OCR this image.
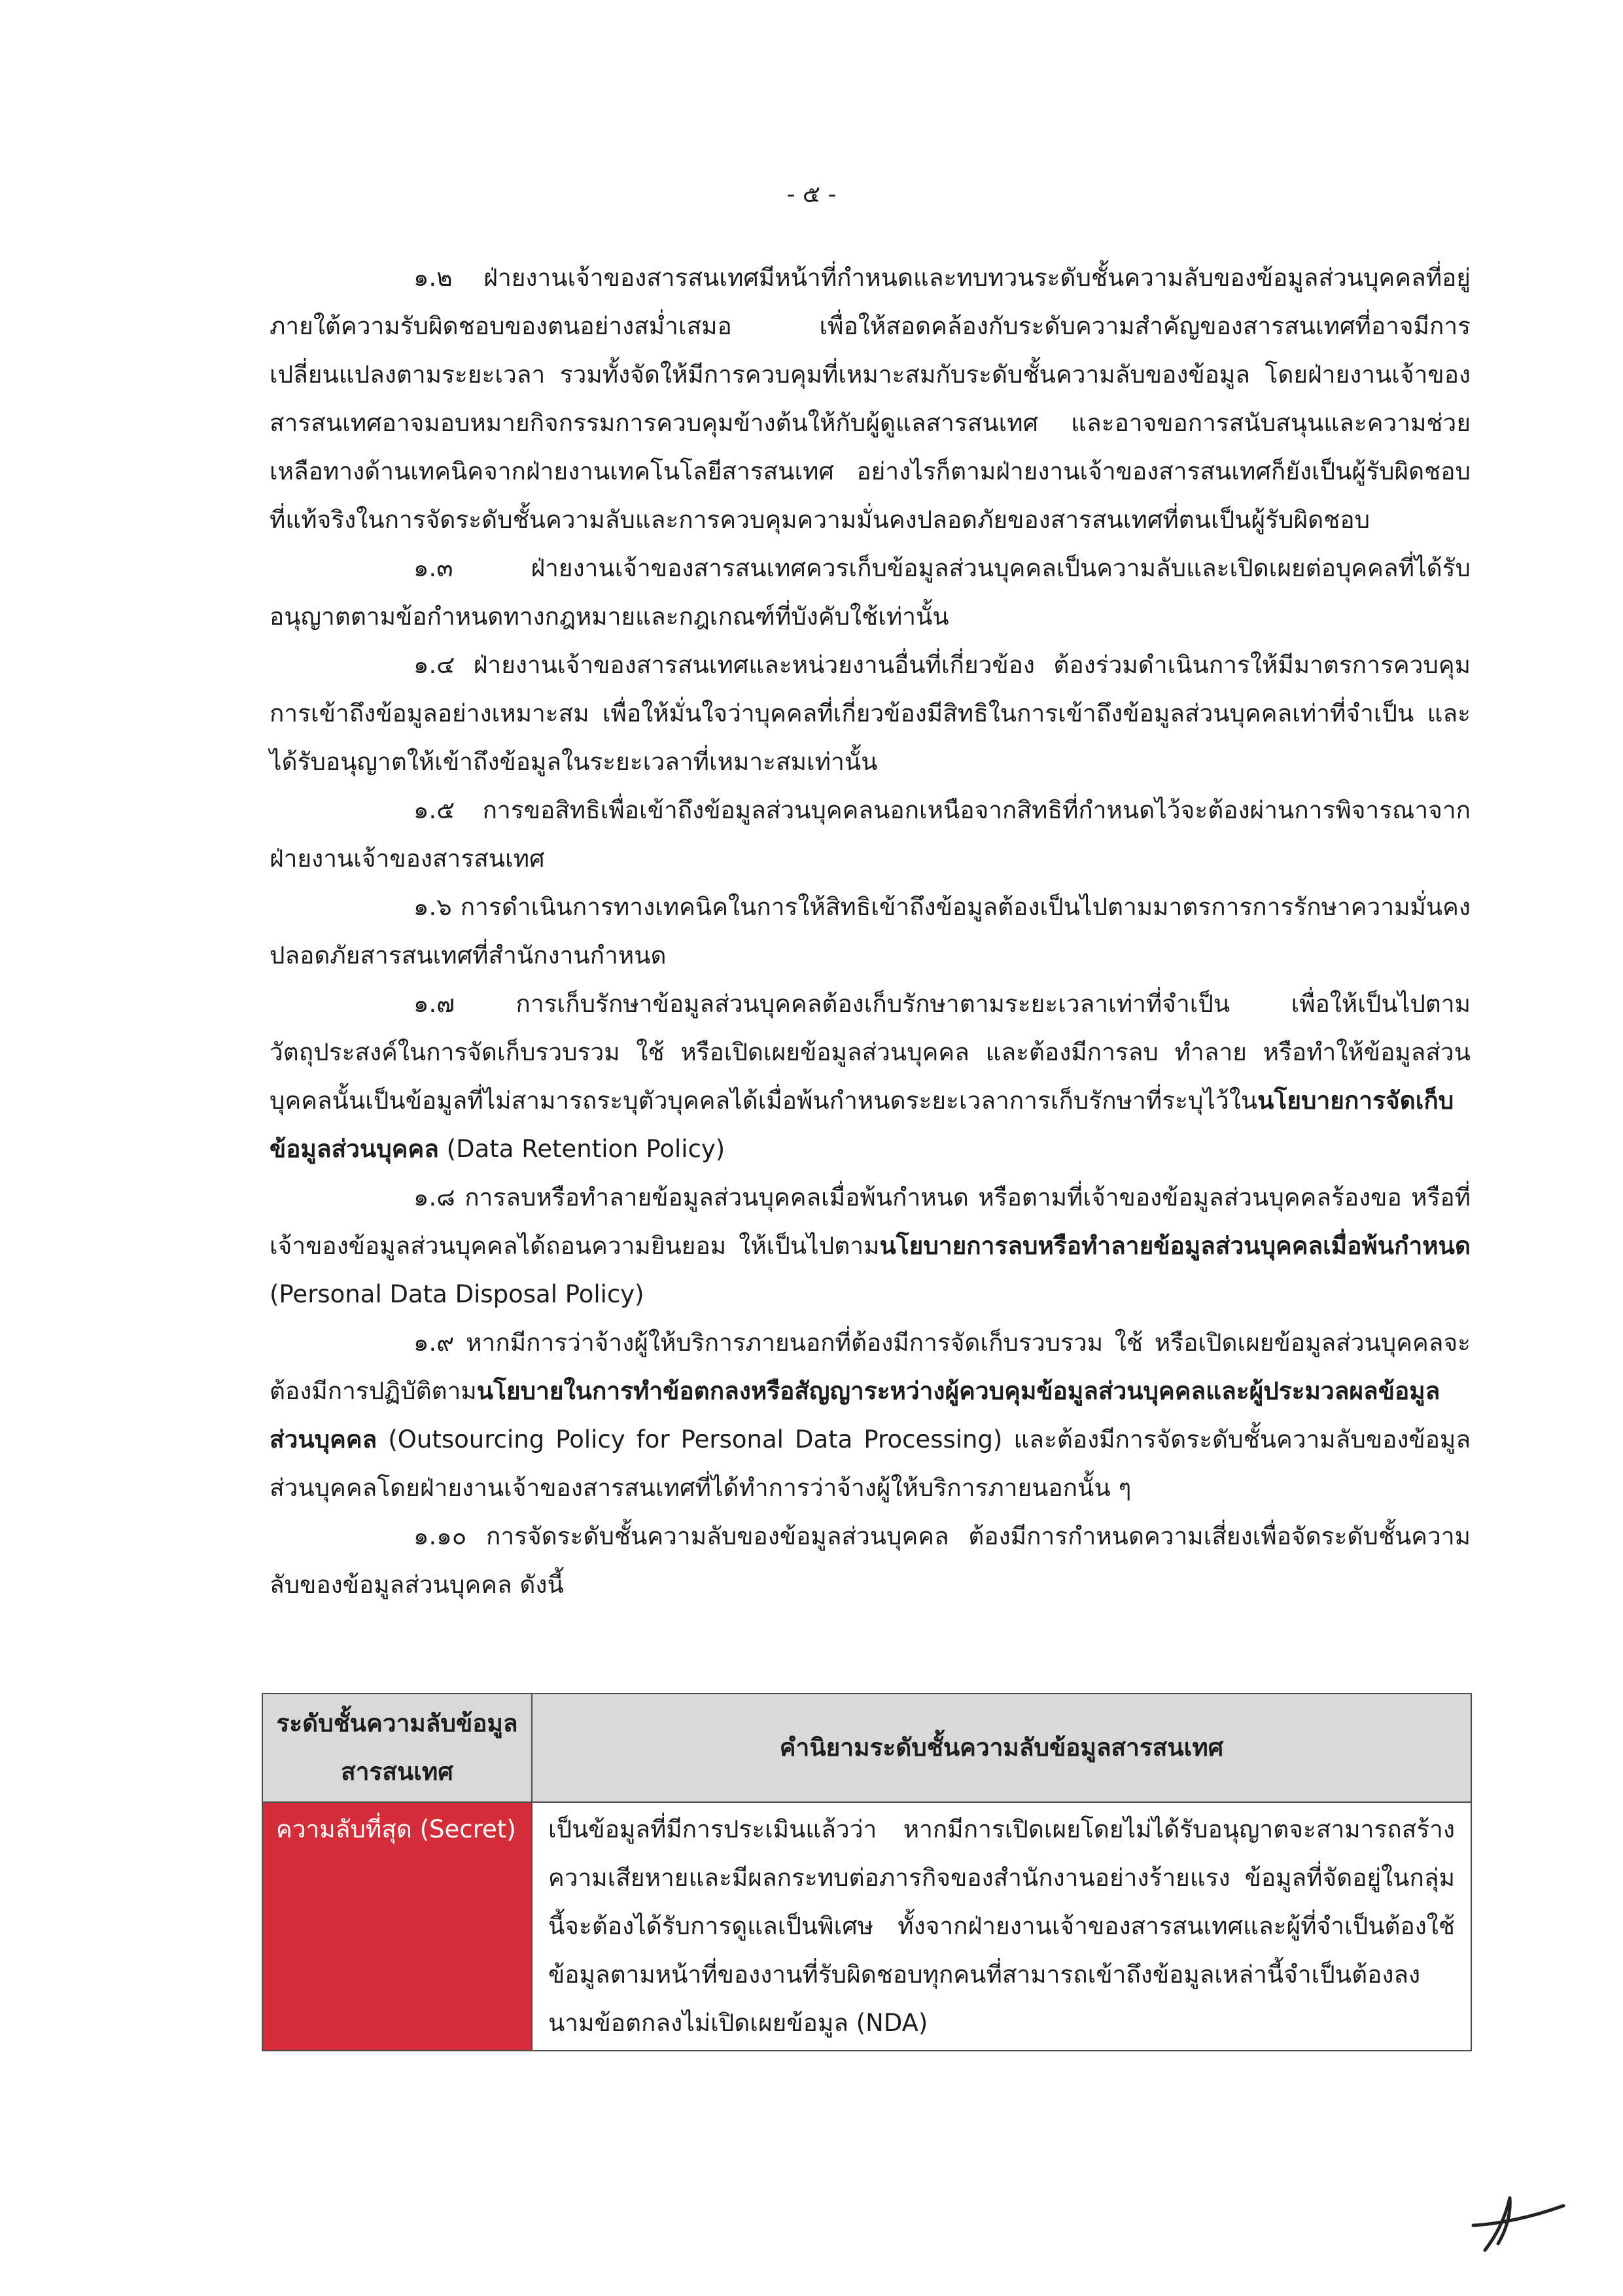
- ๕ -

๑.๒ ฝ่ายงานเจ้าของสารสนเทศมีหน้าที่กำหนดและทบทวนระดับชั้นความลับของข้อมูลส่วนบุคคลที่อยู่ภายใต้ความรับผิดชอบของตนอย่างสม่ำเสมอ เพื่อให้สอดคล้องกับระดับความสำคัญของสารสนเทศที่อาจมีการเปลี่ยนแปลงตามระยะเวลา รวมทั้งจัดให้มีการควบคุมที่เหมาะสมกับระดับชั้นความลับของข้อมูล โดยฝ่ายงานเจ้าของสารสนเทศอาจมอบหมายกิจกรรมการควบคุมข้างต้นให้กับผู้ดูแลสารสนเทศ และอาจขอการสนับสนุนและความช่วยเหลือทางด้านเทคนิคจากฝ่ายงานเทคโนโลยีสารสนเทศ อย่างไรก็ตามฝ่ายงานเจ้าของสารสนเทศก็ยังเป็นผู้รับผิดชอบที่แท้จริงในการจัดระดับชั้นความลับและการควบคุมความมั่นคงปลอดภัยของสารสนเทศที่ตนเป็นผู้รับผิดชอบ

๑.๓	ฝ่ายงานเจ้าของสารสนเทศควรเก็บข้อมูลส่วนบุคคลเป็นความลับและเปิดเผยต่อบุคคลที่ได้รับอนุญาตตามข้อกำหนดทางกฎหมายและกฎเกณฑ์ที่บังคับใช้เท่านั้น

๑.๔ ฝ่ายงานเจ้าของสารสนเทศและหน่วยงานอื่นที่เกี่ยวข้อง ต้องร่วมดำเนินการให้มีมาตรการควบคุมการเข้าถึงข้อมูลอย่างเหมาะสม เพื่อให้มั่นใจว่าบุคคลที่เกี่ยวข้องมีสิทธิในการเข้าถึงข้อมูลส่วนบุคคลเท่าที่จำเป็น และได้รับอนุญาตให้เข้าถึงข้อมูลในระยะเวลาที่เหมาะสมเท่านั้น

๑.๕ การขอสิทธิเพื่อเข้าถึงข้อมูลส่วนบุคคลนอกเหนือจากสิทธิที่กำหนดไว้จะต้องผ่านการพิจารณาจากฝ่ายงานเจ้าของสารสนเทศ

๑.๖ การดำเนินการทางเทคนิคในการให้สิทธิเข้าถึงข้อมูลต้องเป็นไปตามมาตรการการรักษาความมั่นคงปลอดภัยสารสนเทศที่สำนักงานกำหนด

๑.๗	การเก็บรักษาข้อมูลส่วนบุคคลต้องเก็บรักษาตามระยะเวลาเท่าที่จำเป็น เพื่อให้เป็นไปตามวัตถุประสงค์ในการจัดเก็บรวบรวม ใช้ หรือเปิดเผยข้อมูลส่วนบุคคล และต้องมีการลบ ทำลาย หรือทำให้ข้อมูลส่วนบุคคลนั้นเป็นข้อมูลที่ไม่สามารถระบุตัวบุคคลได้เมื่อพ้นกำหนดระยะเวลาการเก็บรักษาที่ระบุไว้ในนโยบายการจัดเก็บข้อมูลส่วนบุคคล (Data Retention Policy)

๑.๘ การลบหรือทำลายข้อมูลส่วนบุคคลเมื่อพ้นกำหนด หรือตามที่เจ้าของข้อมูลส่วนบุคคลร้องขอ หรือที่เจ้าของข้อมูลส่วนบุคคลได้ถอนความยินยอม ให้เป็นไปตามนโยบายการลบหรือทำลายข้อมูลส่วนบุคคลเมื่อพ้นกำหนด (Personal Data Disposal Policy)

๑.๙ หากมีการว่าจ้างผู้ให้บริการภายนอกที่ต้องมีการจัดเก็บรวบรวม ใช้ หรือเปิดเผยข้อมูลส่วนบุคคลจะต้องมีการปฏิบัติตามนโยบายในการทำข้อตกลงหรือสัญญาระหว่างผู้ควบคุมข้อมูลส่วนบุคคลและผู้ประมวลผลข้อมูลส่วนบุคคล (Outsourcing Policy for Personal Data Processing) และต้องมีการจัดระดับชั้นความลับของข้อมูลส่วนบุคคลโดยฝ่ายงานเจ้าของสารสนเทศที่ได้ทำการว่าจ้างผู้ให้บริการภายนอกนั้น ๆ

๑.๑๐ การจัดระดับชั้นความลับของข้อมูลส่วนบุคคล ต้องมีการกำหนดความเสี่ยงเพื่อจัดระดับชั้นความลับของข้อมูลส่วนบุคคล ดังนี้

ระดับชั้นความลับข้อมูลสารสนเทศ	คำนิยามระดับชั้นความลับข้อมูลสารสนเทศ
ความลับที่สุด (Secret)	เป็นข้อมูลที่มีการประเมินแล้วว่า หากมีการเปิดเผยโดยไม่ได้รับอนุญาตจะสามารถสร้างความเสียหายและมีผลกระทบต่อภารกิจของสำนักงานอย่างร้ายแรง ข้อมูลที่จัดอยู่ในกลุ่มนี้จะต้องได้รับการดูแลเป็นพิเศษ ทั้งจากฝ่ายงานเจ้าของสารสนเทศและผู้ที่จำเป็นต้องใช้ข้อมูลตามหน้าที่ของงานที่รับผิดชอบทุกคนที่สามารถเข้าถึงข้อมูลเหล่านี้จำเป็นต้องลงนามข้อตกลงไม่เปิดเผยข้อมูล (NDA)
